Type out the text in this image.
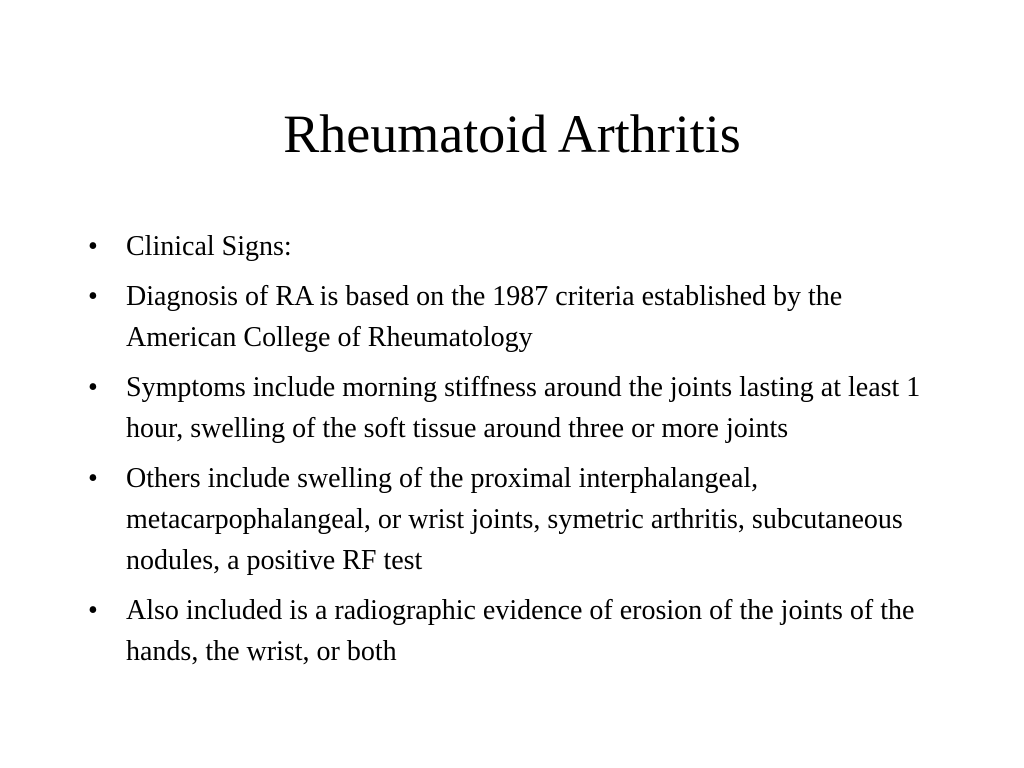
Rheumatoid Arthritis
•	Clinical Signs:
•	Diagnosis of RA is based on the 1987 criteria established by the American College of Rheumatology
•	Symptoms include morning stiffness around the joints lasting at least 1 hour, swelling of the soft tissue around three or more joints
•	Others include swelling of the proximal interphalangeal, metacarpophalangeal, or wrist joints, symetric arthritis, subcutaneous nodules, a positive RF test
•	Also included is a radiographic evidence of erosion of the joints of the hands, the wrist, or both
